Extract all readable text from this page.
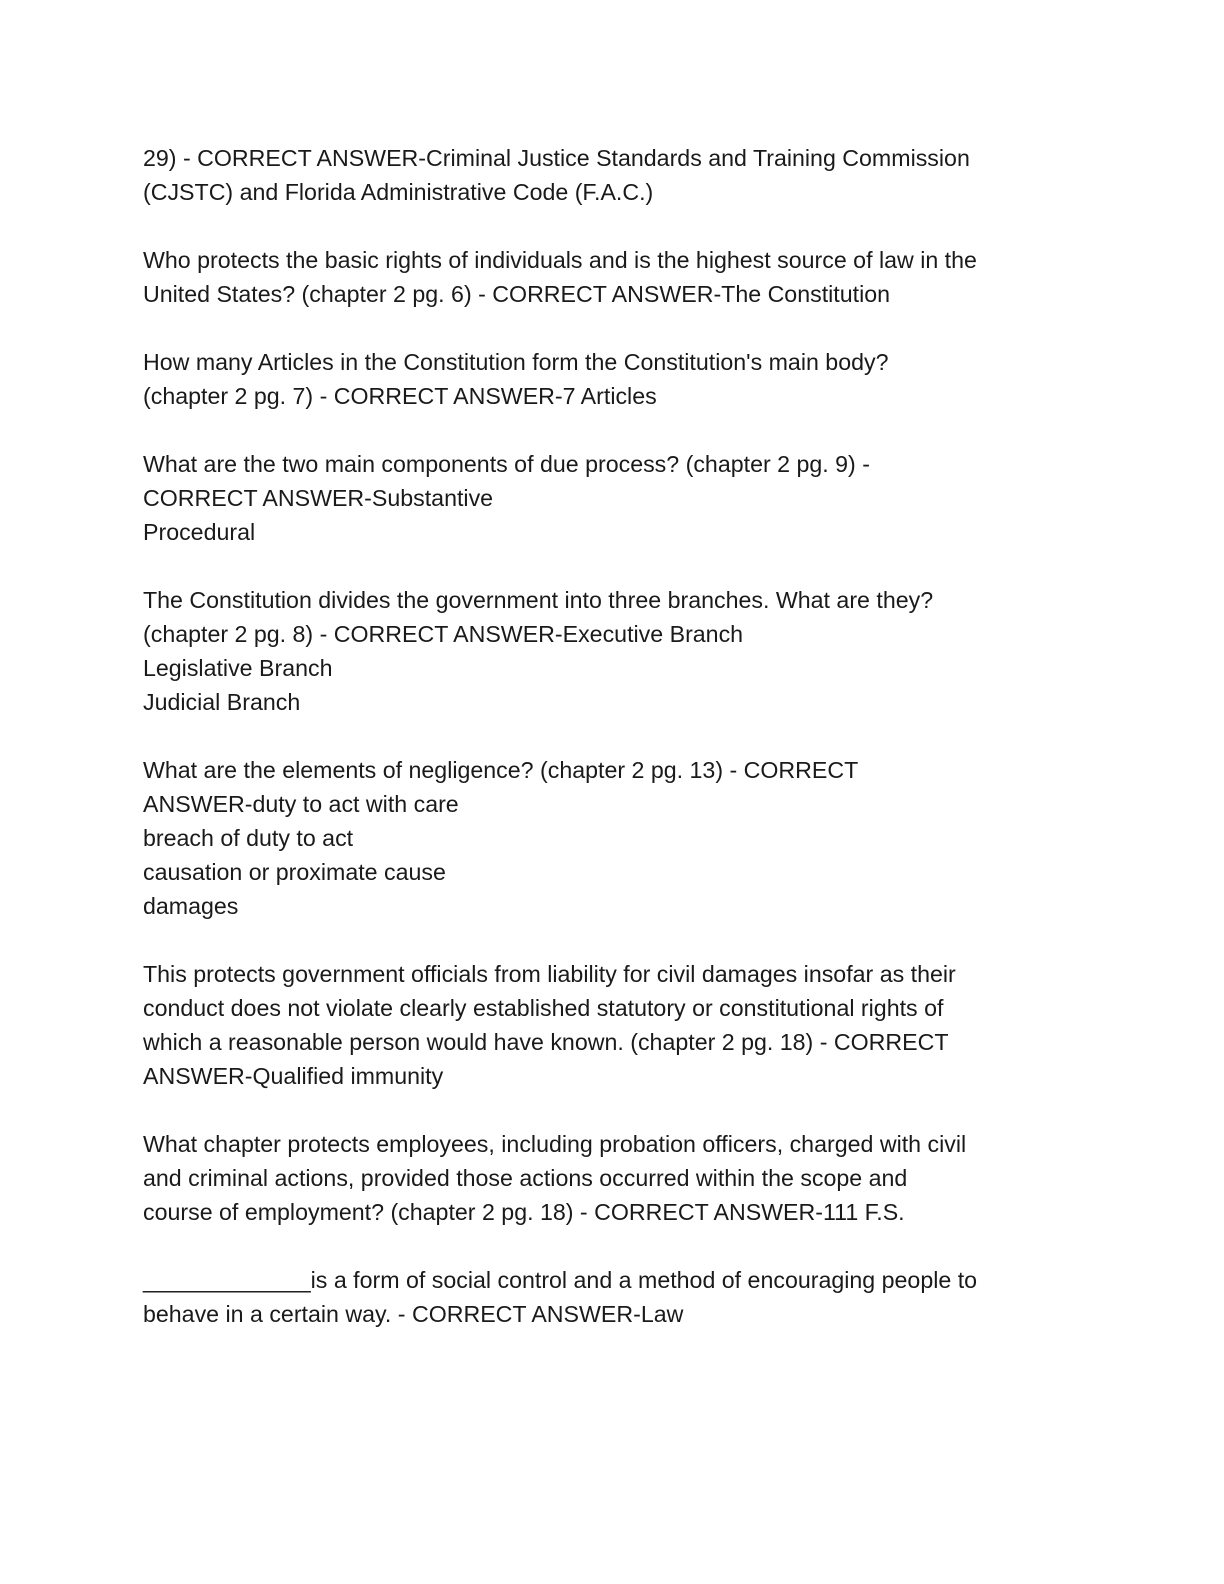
29) - CORRECT ANSWER-Criminal Justice Standards and Training Commission
(CJSTC) and Florida Administrative Code (F.A.C.)
Who protects the basic rights of individuals and is the highest source of law in the
United States? (chapter 2 pg. 6) - CORRECT ANSWER-The Constitution
How many Articles in the Constitution form the Constitution's main body?
(chapter 2 pg. 7) - CORRECT ANSWER-7 Articles
What are the two main components of due process? (chapter 2 pg. 9) -
CORRECT ANSWER-Substantive
Procedural
The Constitution divides the government into three branches. What are they?
(chapter 2 pg. 8) - CORRECT ANSWER-Executive Branch
Legislative Branch
Judicial Branch
What are the elements of negligence? (chapter 2 pg. 13) - CORRECT
ANSWER-duty to act with care
breach of duty to act
causation or proximate cause
damages
This protects government officials from liability for civil damages insofar as their
conduct does not violate clearly established statutory or constitutional rights of
which a reasonable person would have known. (chapter 2 pg. 18) - CORRECT
ANSWER-Qualified immunity
What chapter protects employees, including probation officers, charged with civil
and criminal actions, provided those actions occurred within the scope and
course of employment? (chapter 2 pg. 18) - CORRECT ANSWER-111 F.S.
_____________is a form of social control and a method of encouraging people to
behave in a certain way. - CORRECT ANSWER-Law
